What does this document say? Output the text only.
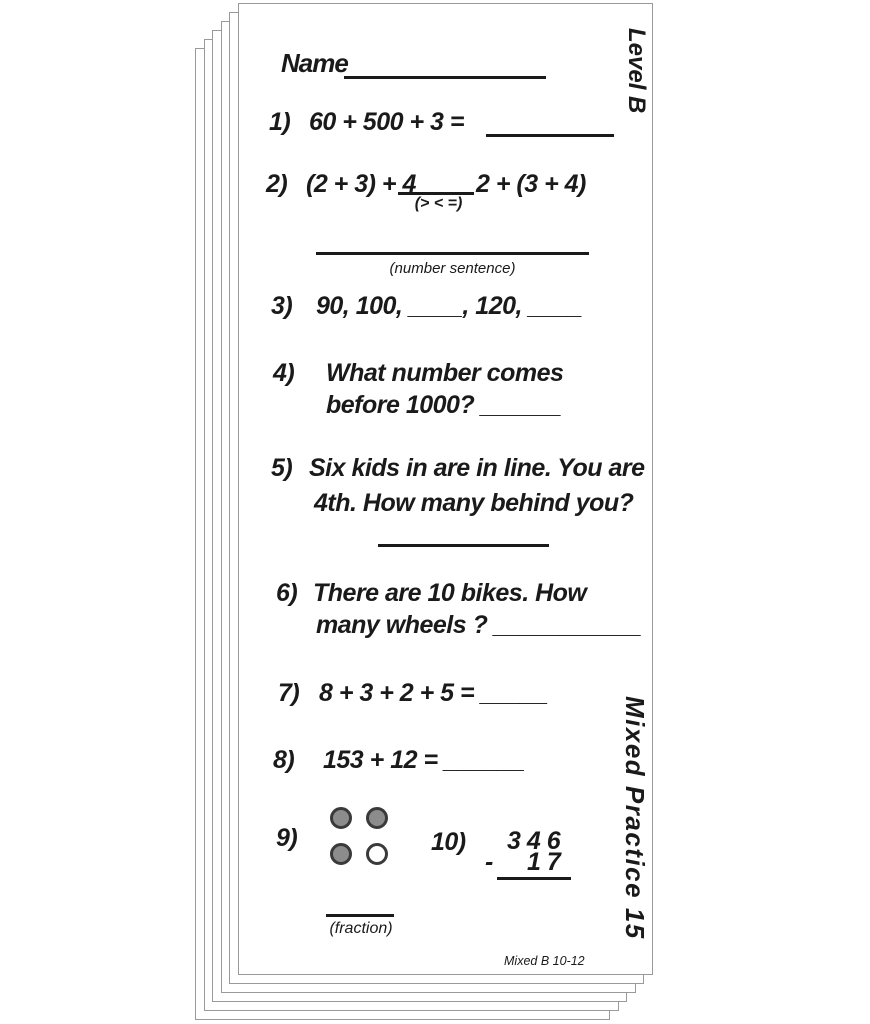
Name
1) 60 + 500 + 3 =
2) (2 + 3) + 4
(> < =)
2 + (3 + 4)
(number sentence)
3) 90, 100, ____, 120, ____
4) What number comes
before 1000? ______
5) Six kids in are in line. You are
4th. How many behind you?
6) There are 10 bikes. How
many wheels ? ___________
7) 8 + 3 + 2 + 5 = _____
8) 153 + 12 = ______
9)
(fraction)
10) 3 4 6
- 1 7
Level B
Mixed Practice 15
Mixed B 10-12
